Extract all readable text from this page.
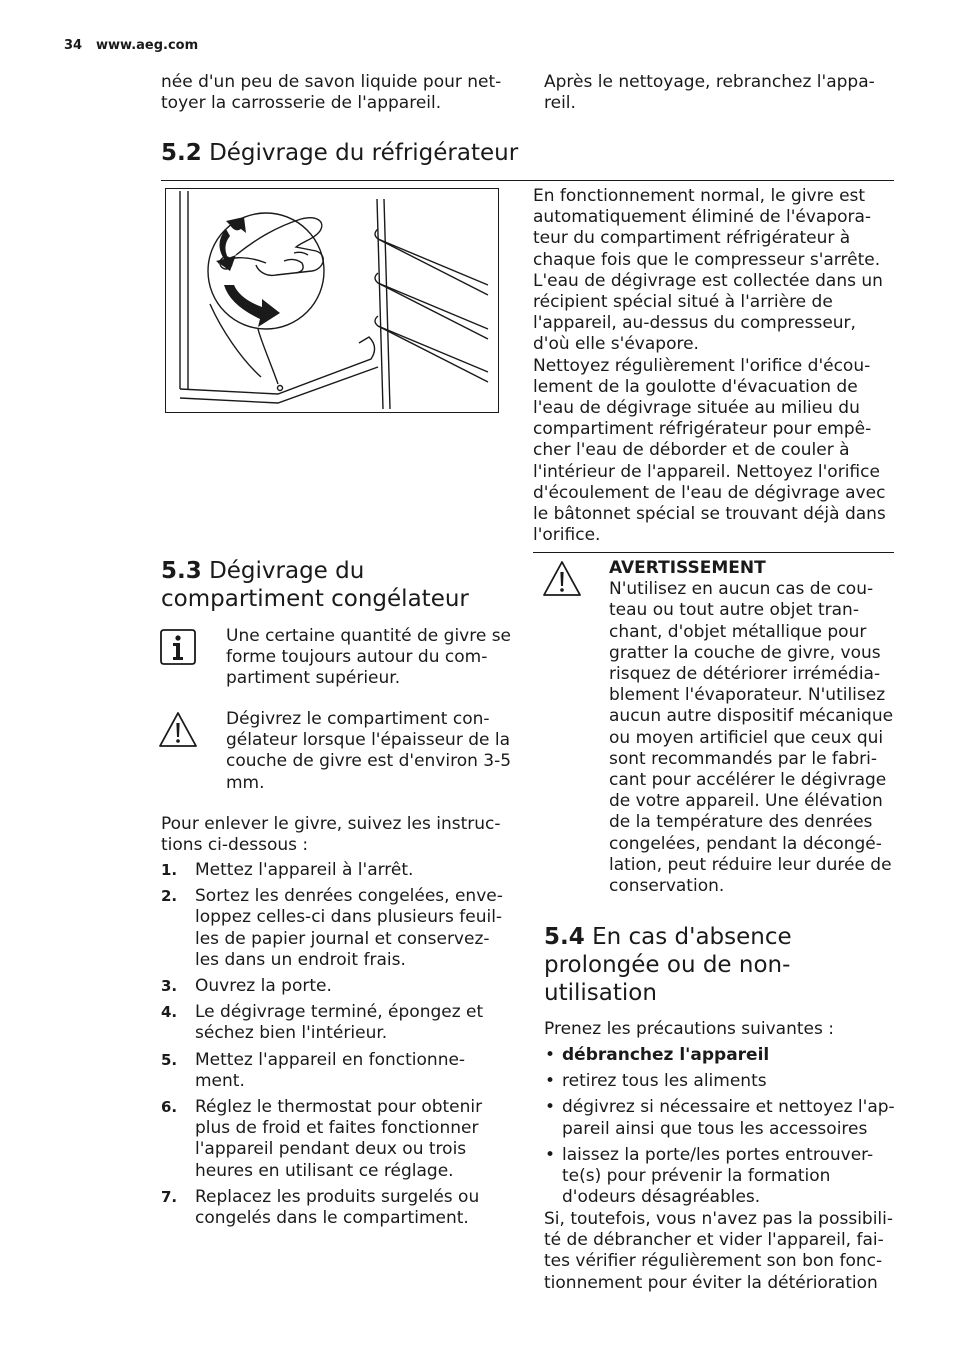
34 www.aeg.com
née d'un peu de savon liquide pour net-toyer la carrosserie de l'appareil.
Après le nettoyage, rebranchez l'appa-reil.
5.2 Dégivrage du réfrigérateur

En fonctionnement normal, le givre est automatiquement éliminé de l'évapora-teur du compartiment réfrigérateur à chaque fois que le compresseur s'arrête. L'eau de dégivrage est collectée dans un récipient spécial situé à l'arrière de l'appareil, au-dessus du compresseur, d'où elle s'évapore.

Nettoyez régulièrement l'orifice d'écou-lement de la goulotte d'évacuation de l'eau de dégivrage située au milieu du compartiment réfrigérateur pour empê-cher l'eau de déborder et de couler à l'intérieur de l'appareil. Nettoyez l'orifice d'écoulement de l'eau de dégivrage avec le bâtonnet spécial se trouvant déjà dans l'orifice.

5.3 Dégivrage du compartiment congélateur
Une certaine quantité de givre se forme toujours autour du com-partiment supérieur.
Dégivrez le compartiment con-gélateur lorsque l'épaisseur de la couche de givre est d'environ 3-5 mm.
Pour enlever le givre, suivez les instruc-tions ci-dessous :
1. Mettez l'appareil à l'arrêt.
2. Sortez les denrées congelées, enve-loppez celles-ci dans plusieurs feuil-les de papier journal et conservez-les dans un endroit frais.
3. Ouvrez la porte.
4. Le dégivrage terminé, épongez et séchez bien l'intérieur.
5. Mettez l'appareil en fonctionne-ment.
6. Réglez le thermostat pour obtenir plus de froid et faites fonctionner l'appareil pendant deux ou trois heures en utilisant ce réglage.
7. Replacez les produits surgelés ou congelés dans le compartiment.

AVERTISSEMENT

N'utilisez en aucun cas de cou-teau ou tout autre objet tran-chant, d'objet métallique pour gratter la couche de givre, vous risquez de détériorer irrémédia-blement l'évaporateur. N'utilisez aucun autre dispositif mécanique ou moyen artificiel que ceux qui sont recommandés par le fabri-cant pour accélérer le dégivrage de votre appareil. Une élévation de la température des denrées congelées, pendant la décongé-lation, peut réduire leur durée de conservation.

5.4 En cas d'absence prolongée ou de non-utilisation
Prenez les précautions suivantes :
• débranchez l'appareil
• retirez tous les aliments
• dégivrez si nécessaire et nettoyez l'ap-pareil ainsi que tous les accessoires
• laissez la porte/les portes entrouver-te(s) pour prévenir la formation d'odeurs désagréables.
Si, toutefois, vous n'avez pas la possibili-té de débrancher et vider l'appareil, fai-tes vérifier régulièrement son bon fonc-tionnement pour éviter la détérioration
